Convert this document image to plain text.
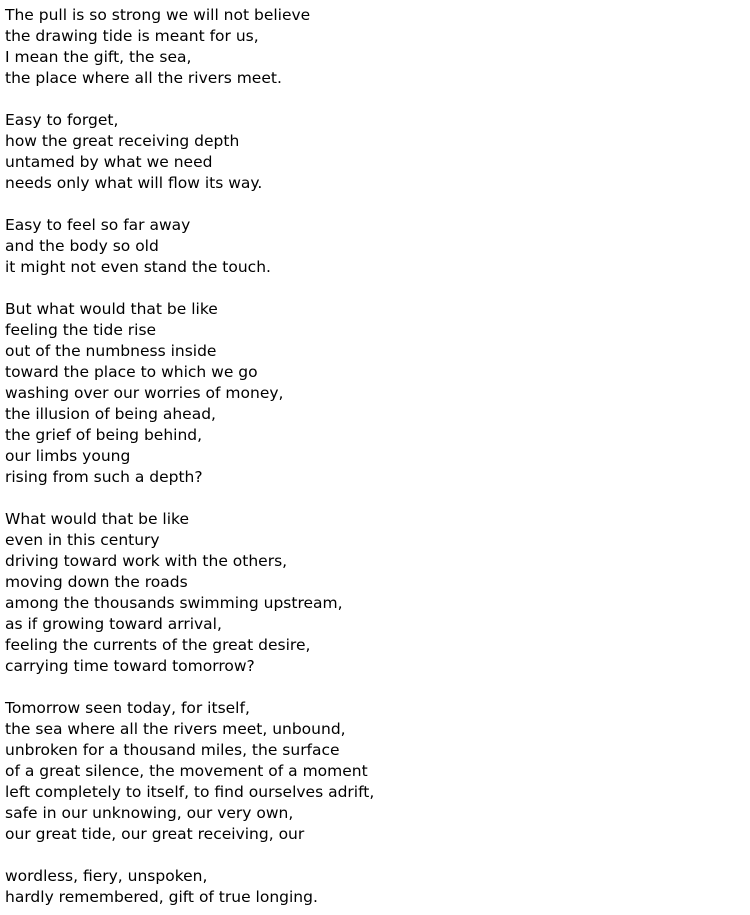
The pull is so strong we will not believe
the drawing tide is meant for us,
I mean the gift, the sea,
the place where all the rivers meet.
Easy to forget,
how the great receiving depth
untamed by what we need
needs only what will flow its way.
Easy to feel so far away
and the body so old
it might not even stand the touch.
But what would that be like
feeling the tide rise
out of the numbness inside
toward the place to which we go
washing over our worries of money,
the illusion of being ahead,
the grief of being behind,
our limbs young
rising from such a depth?
What would that be like
even in this century
driving toward work with the others,
moving down the roads
among the thousands swimming upstream,
as if growing toward arrival,
feeling the currents of the great desire,
carrying time toward tomorrow?
Tomorrow seen today, for itself,
the sea where all the rivers meet, unbound,
unbroken for a thousand miles, the surface
of a great silence, the movement of a moment
left completely to itself, to find ourselves adrift,
safe in our unknowing, our very own,
our great tide, our great receiving, our
wordless, fiery, unspoken,
hardly remembered, gift of true longing.
